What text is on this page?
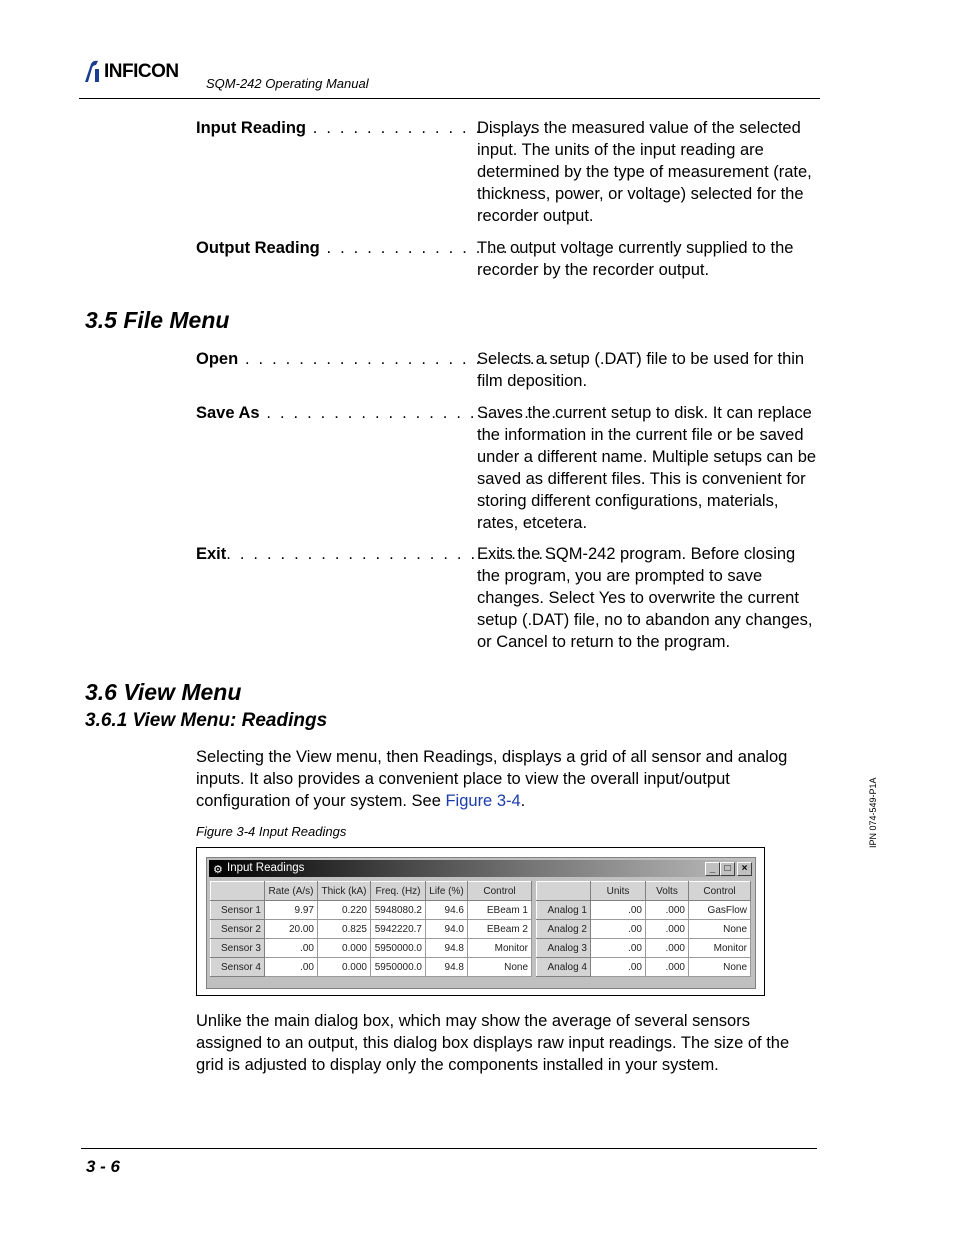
INFICON
SQM-242 Operating Manual
IPN 074-549-P1A
Input Reading . . . . . . . . . . . . . . . . .
Displays the measured value of the selected input. The units of the input reading are determined by the type of measurement (rate, thickness, power, or voltage) selected for the recorder output.
Output Reading . . . . . . . . . . . . . . .
The output voltage currently supplied to the recorder by the recorder output.
3.5 File Menu
Open . . . . . . . . . . . . . . . . . . . . . . . .
Selects a setup (.DAT) file to be used for thin film deposition.
Save As . . . . . . . . . . . . . . . . . . . . . .
Saves the current setup to disk. It can replace the information in the current file or be saved under a different name. Multiple setups can be saved as different files. This is convenient for storing different configurations, materials, rates, etcetera.
Exit. . . . . . . . . . . . . . . . . . . . . . . . .
Exits the SQM-242 program. Before closing the program, you are prompted to save changes. Select Yes to overwrite the current setup (.DAT) file, no to abandon any changes, or Cancel to return to the program.
3.6 View Menu
3.6.1 View Menu: Readings
Selecting the View menu, then Readings, displays a grid of all sensor and analog inputs. It also provides a convenient place to view the overall input/output configuration of your system. See Figure 3-4.
Figure 3-4 Input Readings
⚙ Input Readings	_ □	×
	Rate (A/s)	Thick (kA)	Freq. (Hz)	Life (%)	Control
Sensor 1	9.97	0.220	5948080.2	94.6	EBeam 1
Sensor 2	20.00	0.825	5942220.7	94.0	EBeam 2
Sensor 3	.00	0.000	5950000.0	94.8	Monitor
Sensor 4	.00	0.000	5950000.0	94.8	None
	Units	Volts	Control
Analog 1	.00	.000	GasFlow
Analog 2	.00	.000	None
Analog 3	.00	.000	Monitor
Analog 4	.00	.000	None
Unlike the main dialog box, which may show the average of several sensors assigned to an output, this dialog box displays raw input readings. The size of the grid is adjusted to display only the components installed in your system.
3 - 6
